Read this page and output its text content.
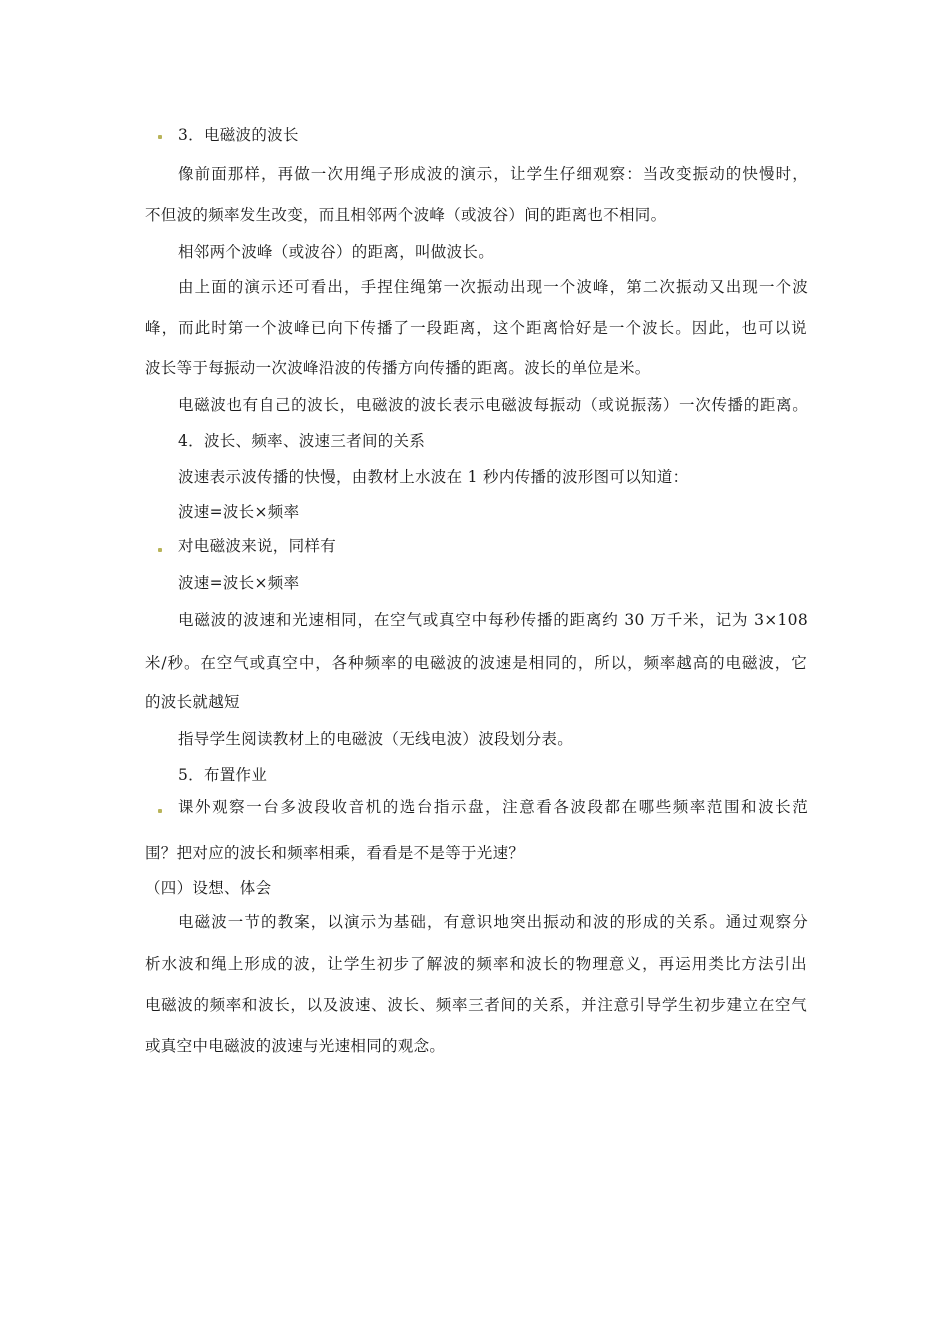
3．电磁波的波长
像前面那样，再做一次用绳子形成波的演示，让学生仔细观察：当改变振动的快慢时，
不但波的频率发生改变，而且相邻两个波峰（或波谷）间的距离也不相同。
相邻两个波峰（或波谷）的距离，叫做波长。
由上面的演示还可看出，手捏住绳第一次振动出现一个波峰，第二次振动又出现一个波
峰，而此时第一个波峰已向下传播了一段距离，这个距离恰好是一个波长。因此，也可以说
波长等于每振动一次波峰沿波的传播方向传播的距离。波长的单位是米。
电磁波也有自己的波长，电磁波的波长表示电磁波每振动（或说振荡）一次传播的距离。
4．波长、频率、波速三者间的关系
波速表示波传播的快慢，由教材上水波在 1 秒内传播的波形图可以知道：
波速=波长×频率
对电磁波来说，同样有
波速=波长×频率
电磁波的波速和光速相同，在空气或真空中每秒传播的距离约 30 万千米，记为 3×108
米/秒。在空气或真空中，各种频率的电磁波的波速是相同的，所以，频率越高的电磁波，它
的波长就越短
指导学生阅读教材上的电磁波（无线电波）波段划分表。
5．布置作业
课外观察一台多波段收音机的选台指示盘，注意看各波段都在哪些频率范围和波长范
围？把对应的波长和频率相乘，看看是不是等于光速？
（四）设想、体会
电磁波一节的教案，以演示为基础，有意识地突出振动和波的形成的关系。通过观察分
析水波和绳上形成的波，让学生初步了解波的频率和波长的物理意义，再运用类比方法引出
电磁波的频率和波长，以及波速、波长、频率三者间的关系，并注意引导学生初步建立在空气
或真空中电磁波的波速与光速相同的观念。
